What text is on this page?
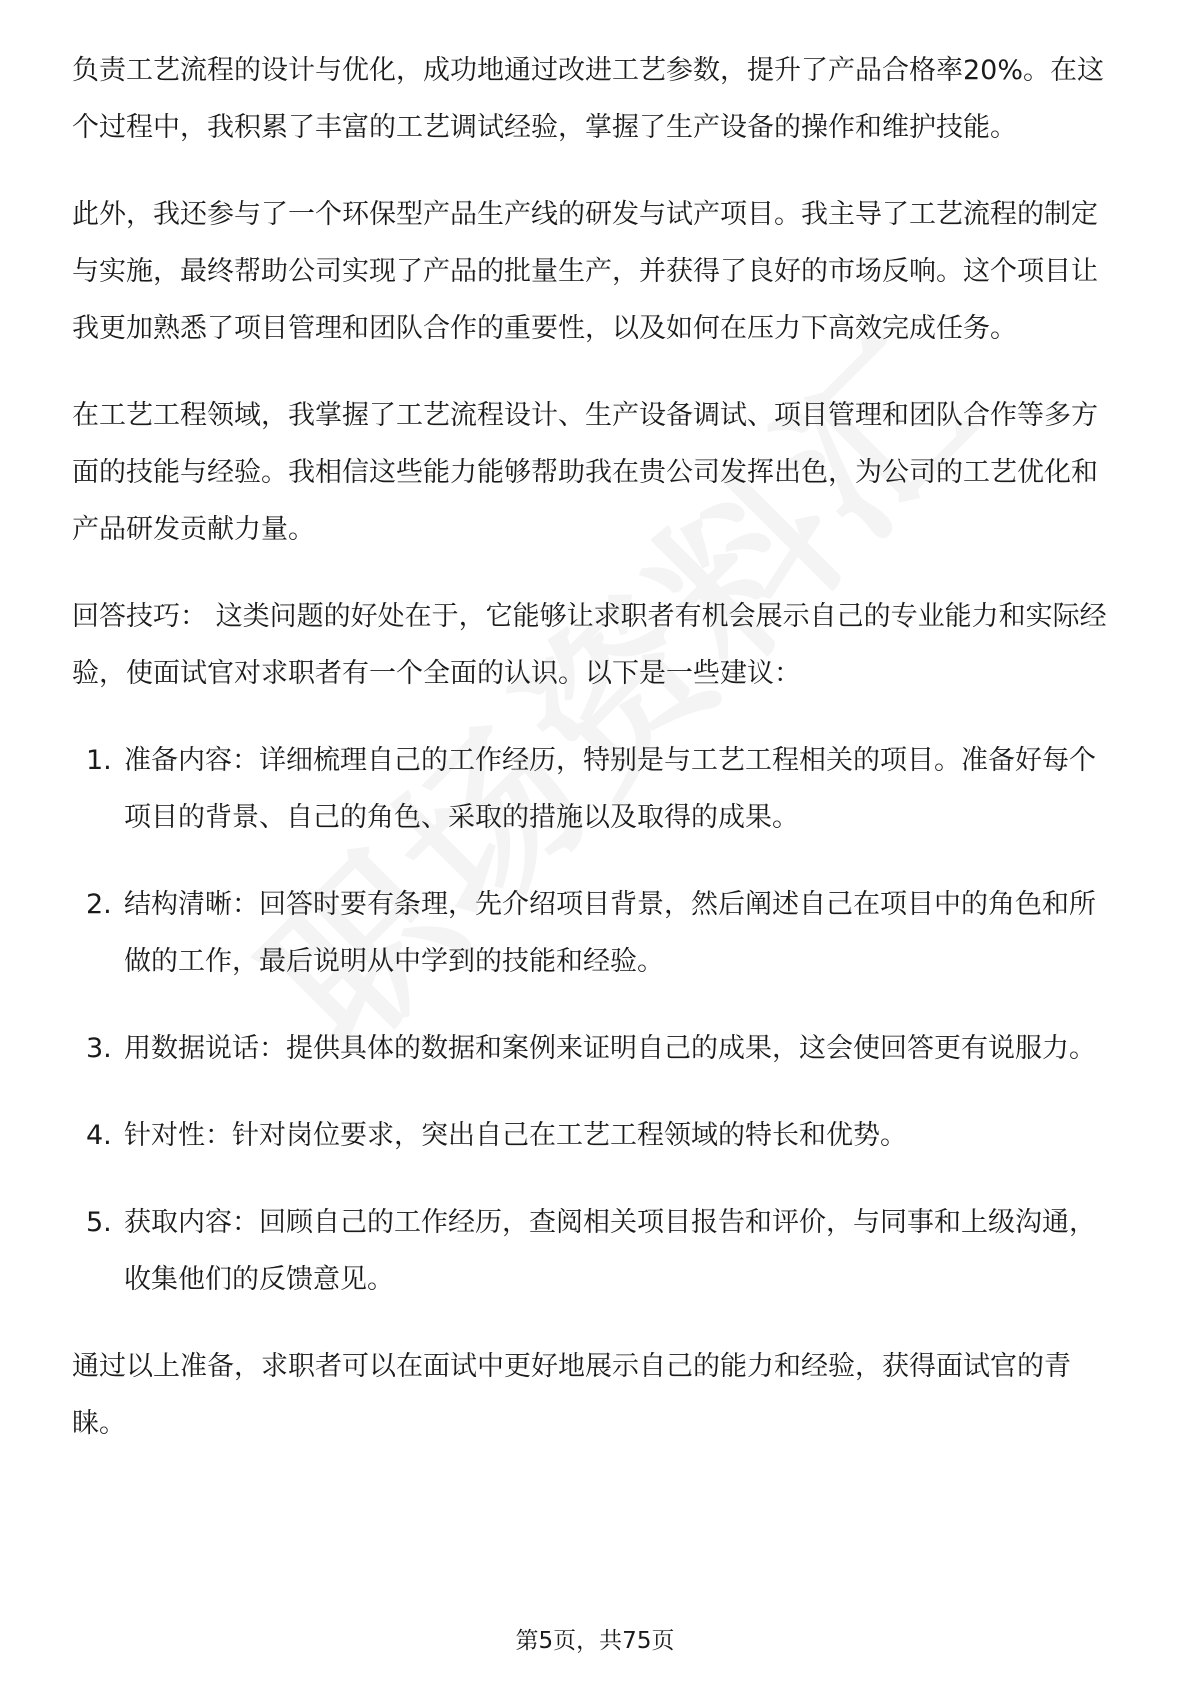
负责工艺流程的设计与优化，成功地通过改进工艺参数，提升了产品合格率20%。在这个过程中，我积累了丰富的工艺调试经验，掌握了生产设备的操作和维护技能。

此外，我还参与了一个环保型产品生产线的研发与试产项目。我主导了工艺流程的制定与实施，最终帮助公司实现了产品的批量生产，并获得了良好的市场反响。这个项目让我更加熟悉了项目管理和团队合作的重要性，以及如何在压力下高效完成任务。

在工艺工程领域，我掌握了工艺流程设计、生产设备调试、项目管理和团队合作等多方面的技能与经验。我相信这些能力能够帮助我在贵公司发挥出色，为公司的工艺优化和产品研发贡献力量。

回答技巧： 这类问题的好处在于，它能够让求职者有机会展示自己的专业能力和实际经验，使面试官对求职者有一个全面的认识。以下是一些建议：

1. 准备内容：详细梳理自己的工作经历，特别是与工艺工程相关的项目。准备好每个项目的背景、自己的角色、采取的措施以及取得的成果。
2. 结构清晰：回答时要有条理，先介绍项目背景，然后阐述自己在项目中的角色和所做的工作，最后说明从中学到的技能和经验。
3. 用数据说话：提供具体的数据和案例来证明自己的成果，这会使回答更有说服力。
4. 针对性：针对岗位要求，突出自己在工艺工程领域的特长和优势。
5. 获取内容：回顾自己的工作经历，查阅相关项目报告和评价，与同事和上级沟通，收集他们的反馈意见。

通过以上准备，求职者可以在面试中更好地展示自己的能力和经验，获得面试官的青睐。

第5页，共75页
